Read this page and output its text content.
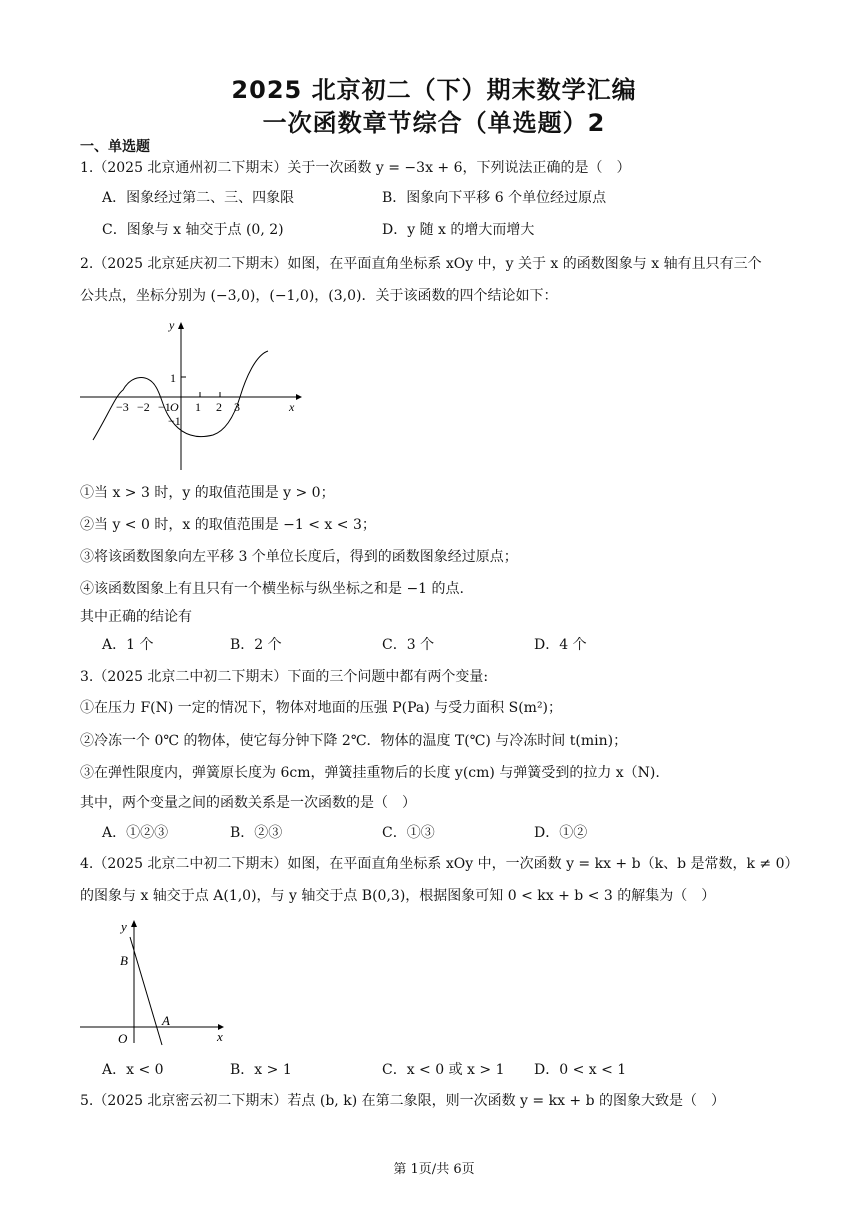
2025 北京初二（下）期末数学汇编
一次函数章节综合（单选题）2
一、单选题
1.（2025 北京通州初二下期末）关于一次函数 y = −3x + 6，下列说法正确的是（　）
A．图象经过第二、三、四象限	B．图象向下平移 6 个单位经过原点
C．图象与 x 轴交于点 (0, 2)	D．y 随 x 的增大而增大
2.（2025 北京延庆初二下期末）如图，在平面直角坐标系 xOy 中，y 关于 x 的函数图象与 x 轴有且只有三个
公共点，坐标分别为 (−3,0)，(−1,0)，(3,0)．关于该函数的四个结论如下：
y
x
O
−3 −2 −1 1 2 3
1
−1
①当 x > 3 时，y 的取值范围是 y > 0；
②当 y < 0 时，x 的取值范围是 −1 < x < 3；
③将该函数图象向左平移 3 个单位长度后，得到的函数图象经过原点；
④该函数图象上有且只有一个横坐标与纵坐标之和是 −1 的点.
其中正确的结论有
A．1 个	B．2 个	C．3 个	D．4 个
3.（2025 北京二中初二下期末）下面的三个问题中都有两个变量:
①在压力 F(N) 一定的情况下，物体对地面的压强 P(Pa) 与受力面积 S(m²)；
②冷冻一个 0℃ 的物体，使它每分钟下降 2℃．物体的温度 T(℃) 与冷冻时间 t(min)；
③在弹性限度内，弹簧原长度为 6cm，弹簧挂重物后的长度 y(cm) 与弹簧受到的拉力 x（N).
其中，两个变量之间的函数关系是一次函数的是（　）
A．①②③	B．②③	C．①③	D．①②
4.（2025 北京二中初二下期末）如图，在平面直角坐标系 xOy 中，一次函数 y = kx + b（k、b 是常数，k ≠ 0）
的图象与 x 轴交于点 A(1,0)，与 y 轴交于点 B(0,3)，根据图象可知 0 < kx + b < 3 的解集为（　）
y
x
O
B
A
A．x < 0	B．x > 1	C．x < 0 或 x > 1 D．0 < x < 1
5.（2025 北京密云初二下期末）若点 (b, k) 在第二象限，则一次函数 y = kx + b 的图象大致是（　）
第 1页/共 6页
